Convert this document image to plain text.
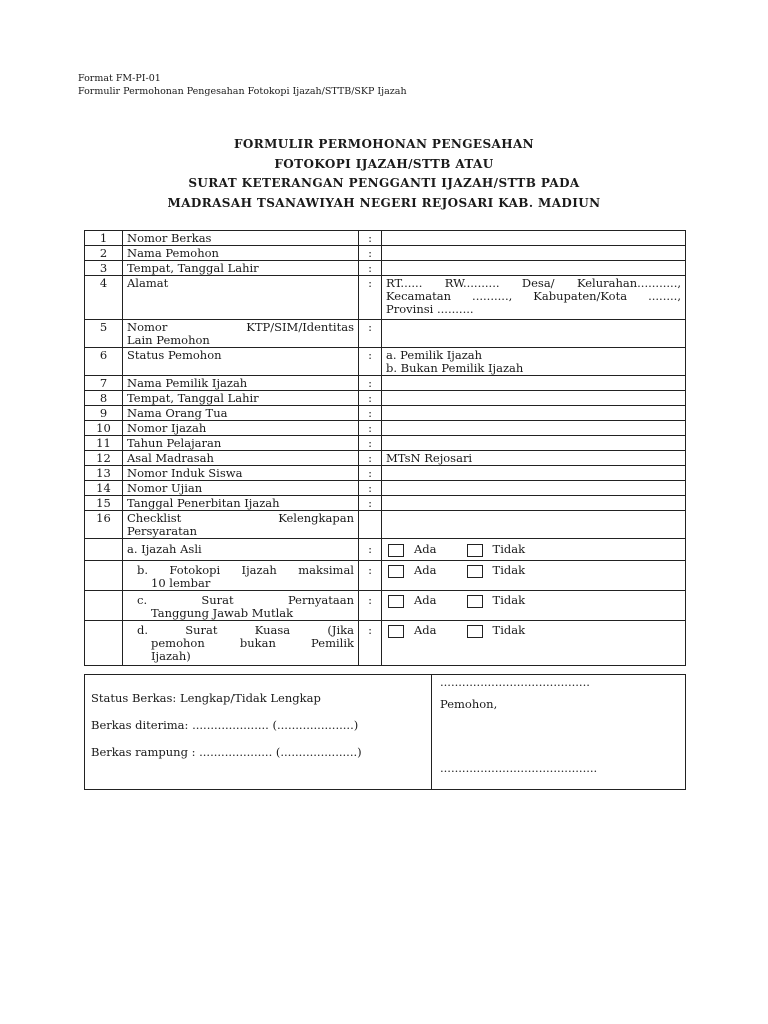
Format FM-PI-01
Formulir Permohonan Pengesahan Fotokopi Ijazah/STTB/SKP Ijazah
FORMULIR PERMOHONAN PENGESAHAN
FOTOKOPI IJAZAH/STTB ATAU
SURAT KETERANGAN PENGGANTI IJAZAH/STTB PADA
MADRASAH TSANAWIYAH NEGERI REJOSARI KAB. MADIUN
1	Nomor Berkas	:	
2	Nama Pemohon	:	
3	Tempat, Tanggal Lahir	:	
4	Alamat	:	RT...... RW.......... Desa/ Kelurahan...........,
Kecamatan .........., Kabupaten/Kota ........,
Provinsi ..........

5	Nomor KTP/SIM/Identitas
Lain Pemohon	:	
6	Status Pemohon	:	a. Pemilik Ijazah
b. Bukan Pemilik Ijazah

7	Nama Pemilik Ijazah	:	
8	Tempat, Tanggal Lahir	:	
9	Nama Orang Tua	:	
10	Nomor Ijazah	:	
11	Tahun Pelajaran	:	
12	Asal Madrasah	:	MTsN Rejosari
13	Nomor Induk Siswa	:	
14	Nomor Ujian	:	
15	Tanggal Penerbitan Ijazah	:	
16	Checklist Kelengkapan
Persyaratan		

	a. Ijazah Asli	:	Ada Tidak

	b. Fotokopi Ijazah maksimal
10 lembar	:	Ada Tidak

	c. Surat Pernyataan
Tanggung Jawab Mutlak	:	Ada Tidak

	d. Surat Kuasa (Jika
pemohon bukan Pemilik
Ijazah)	:	Ada Tidak
Status Berkas: Lengkap/Tidak Lengkap
Berkas diterima: ..................... (.....................)
Berkas rampung : .................... (.....................)

.........................................
Pemohon,
...........................................
